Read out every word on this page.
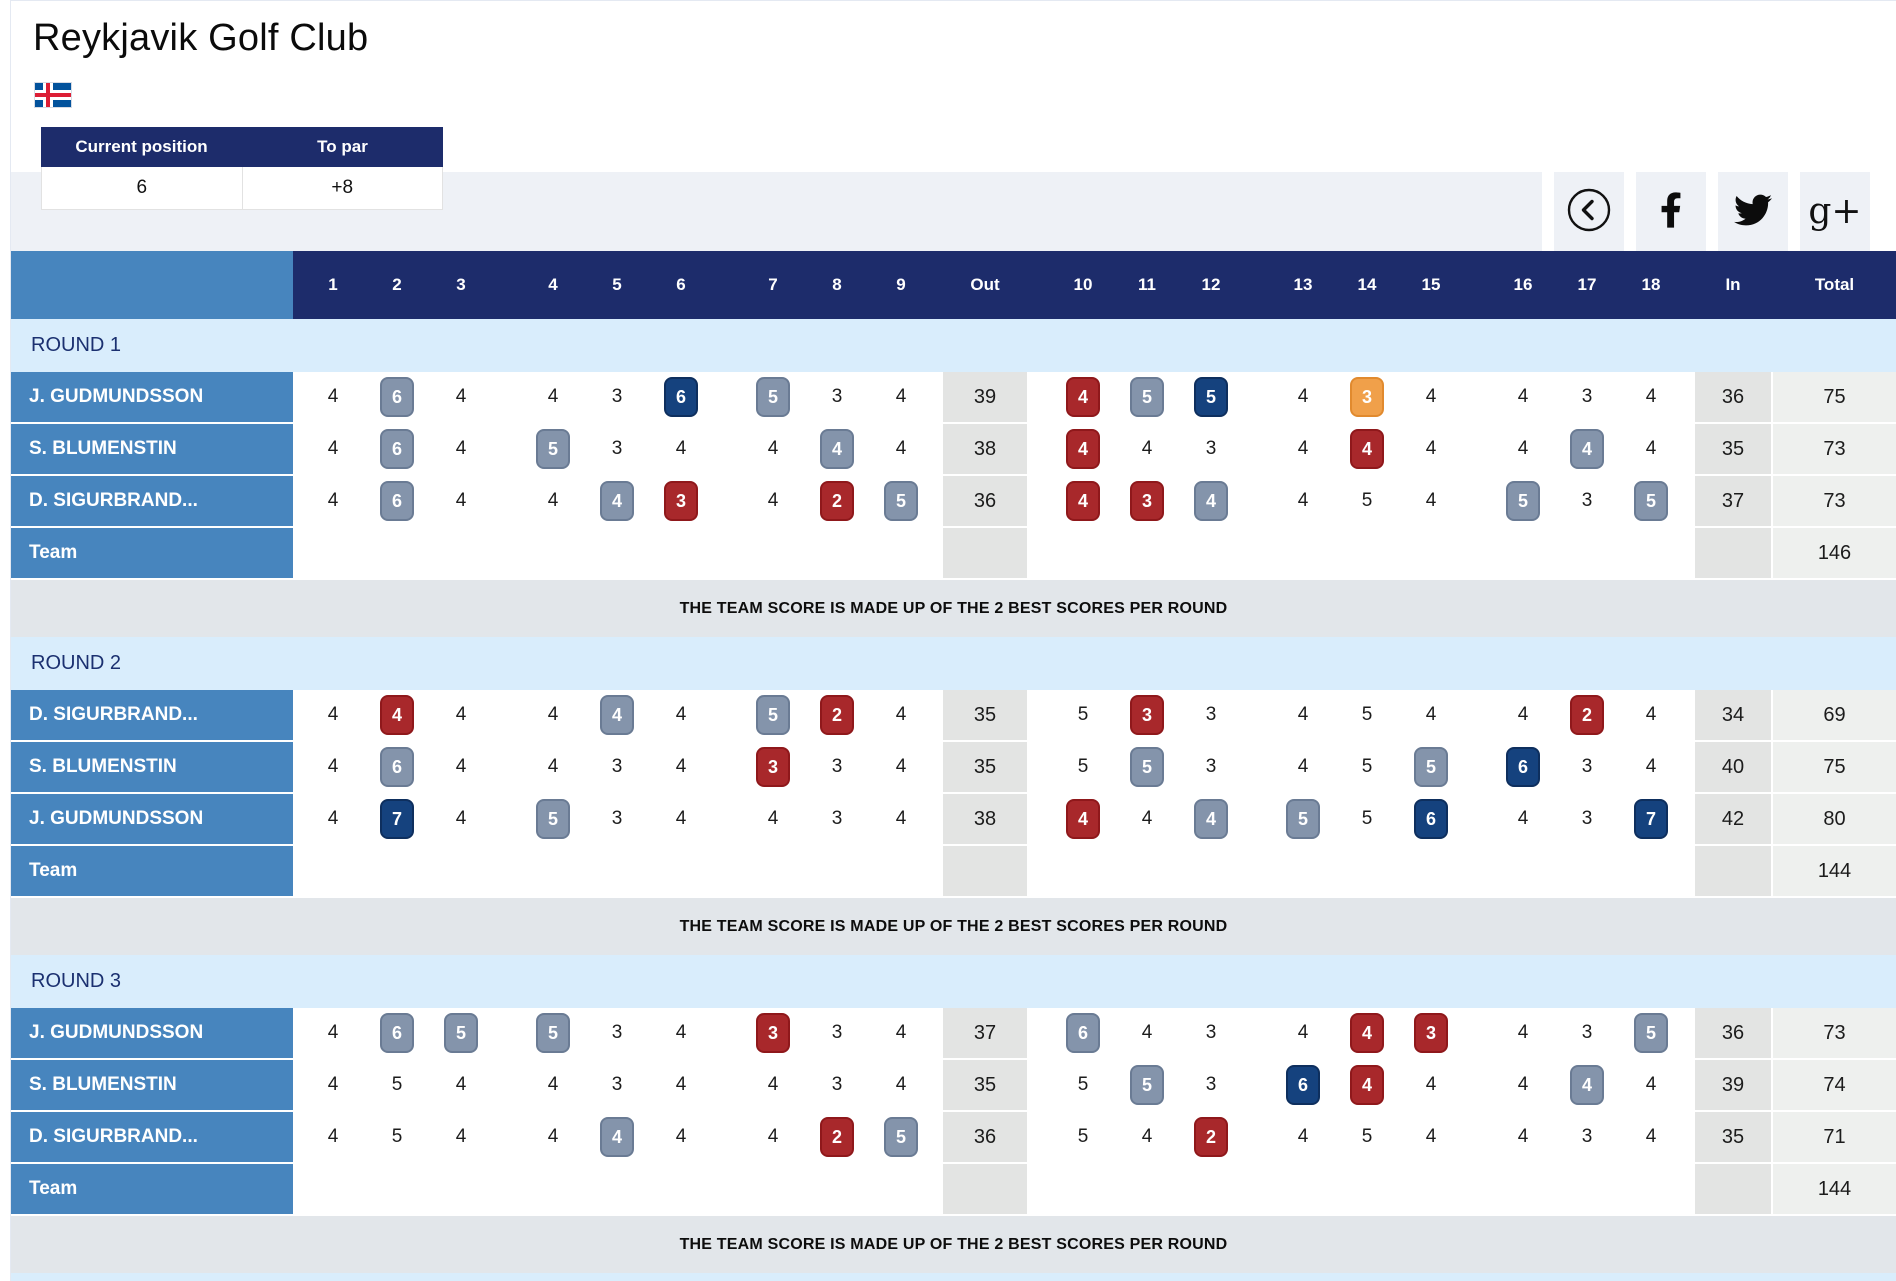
Reykjavik Golf Club
g+
Current position	To par
6	+8
1	2	3	4	5	6	7	8	9	Out	10	11	12	13	14	15	16	17	18	In	Total
ROUND 1
J. GUDMUNDSSON	4	6	4	4	3	6	5	3	4	39	4	5	5	4	3	4	4	3	4	36	75
S. BLUMENSTIN	4	6	4	5	3	4	4	4	4	38	4	4	3	4	4	4	4	4	4	35	73
D. SIGURBRAND...	4	6	4	4	4	3	4	2	5	36	4	3	4	4	5	4	5	3	5	37	73
Team	146
THE TEAM SCORE IS MADE UP OF THE 2 BEST SCORES PER ROUND
ROUND 2
D. SIGURBRAND...	4	4	4	4	4	4	5	2	4	35	5	3	3	4	5	4	4	2	4	34	69
S. BLUMENSTIN	4	6	4	4	3	4	3	3	4	35	5	5	3	4	5	5	6	3	4	40	75
J. GUDMUNDSSON	4	7	4	5	3	4	4	3	4	38	4	4	4	5	5	6	4	3	7	42	80
Team	144
THE TEAM SCORE IS MADE UP OF THE 2 BEST SCORES PER ROUND
ROUND 3
J. GUDMUNDSSON	4	6	5	5	3	4	3	3	4	37	6	4	3	4	4	3	4	3	5	36	73
S. BLUMENSTIN	4	5	4	4	3	4	4	3	4	35	5	5	3	6	4	4	4	4	4	39	74
D. SIGURBRAND...	4	5	4	4	4	4	4	2	5	36	5	4	2	4	5	4	4	3	4	35	71
Team	144
THE TEAM SCORE IS MADE UP OF THE 2 BEST SCORES PER ROUND
